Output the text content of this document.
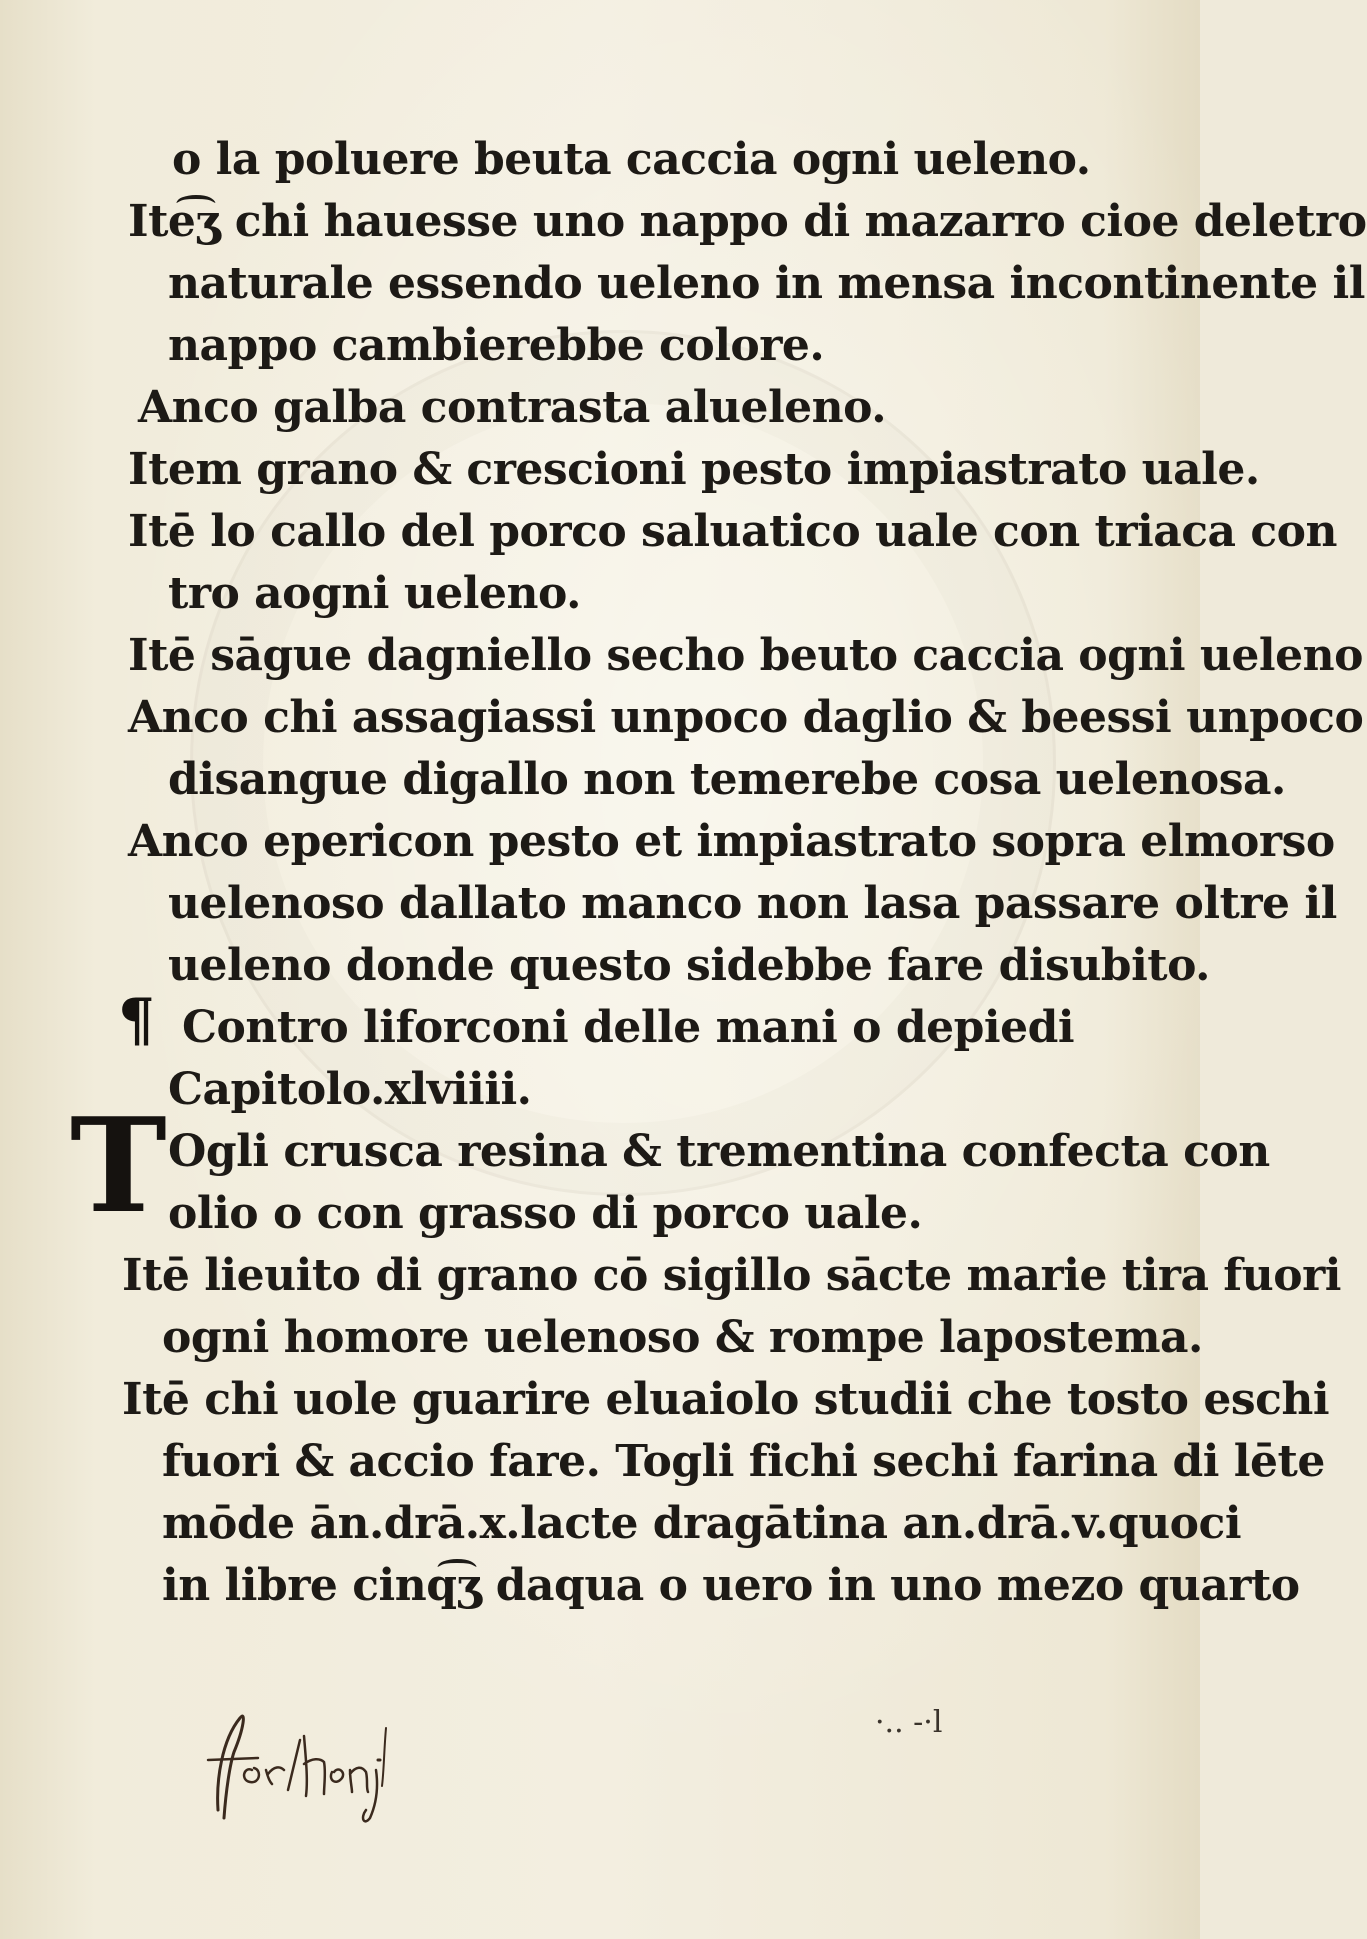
o la poluere beuta caccia ogni ueleno.
Ite͡ʒ chi hauesse uno nappo di mazarro cioe deletro
naturale essendo ueleno in mensa incontinente il
nappo cambierebbe colore.
Anco galba contrasta alueleno.
Item grano & crescioni pesto impiastrato uale.
Itē lo callo del porco saluatico uale con triaca con
tro aogni ueleno.
Itē sāgue dagniello secho beuto caccia ogni ueleno
Anco chi assagiassi unpoco daglio & beessi unpoco
disangue digallo non temerebe cosa uelenosa.
Anco epericon pesto et impiastrato sopra elmorso
uelenoso dallato manco non lasa passare oltre il
ueleno donde questo sidebbe fare disubito.
¶ Contro liforconi delle mani o depiedi
Capitolo.xlviiii.
T Ogli crusca resina & trementina confecta con
olio o con grasso di porco uale.
Itē lieuito di grano cō sigillo sācte marie tira fuori
ogni homore uelenoso & rompe lapostema.
Itē chi uole guarire eluaiolo studii che tosto eschi
fuori & accio fare. Togli fichi sechi farina di lēte
mōde ān.drā.x.lacte dragātina an.drā.v.quoci
in libre cinq͡ʒ daqua o uero in uno mezo quarto
·.. -·l
